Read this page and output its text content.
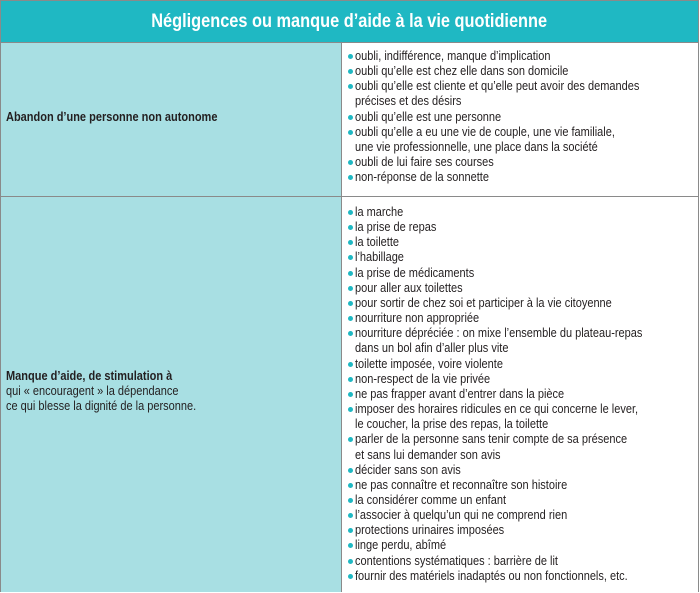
Négligences ou manque d’aide à la vie quotidienne
Abandon d’une personne non autonome
oubli, indifférence, manque d’implication
oubli qu’elle est chez elle dans son domicile
oubli qu’elle est cliente et qu’elle peut avoir des demandes
précises et des désirs
oubli qu’elle est une personne
oubli qu’elle a eu une vie de couple, une vie familiale,
une vie professionnelle, une place dans la société
oubli de lui faire ses courses
non-réponse de la sonnette
Manque d’aide, de stimulation à
qui « encouragent » la dépendance
ce qui blesse la dignité de la personne.
la marche
la prise de repas
la toilette
l’habillage
la prise de médicaments
pour aller aux toilettes
pour sortir de chez soi et participer à la vie citoyenne
nourriture non appropriée
nourriture dépréciée : on mixe l’ensemble du plateau-repas
dans un bol afin d’aller plus vite
toilette imposée, voire violente
non-respect de la vie privée
ne pas frapper avant d’entrer dans la pièce
imposer des horaires ridicules en ce qui concerne le lever,
le coucher, la prise des repas, la toilette
parler de la personne sans tenir compte de sa présence
et sans lui demander son avis
décider sans son avis
ne pas connaître et reconnaître son histoire
la considérer comme un enfant
l’associer à quelqu’un qui ne comprend rien
protections urinaires imposées
linge perdu, abîmé
contentions systématiques : barrière de lit
fournir des matériels inadaptés ou non fonctionnels, etc.
